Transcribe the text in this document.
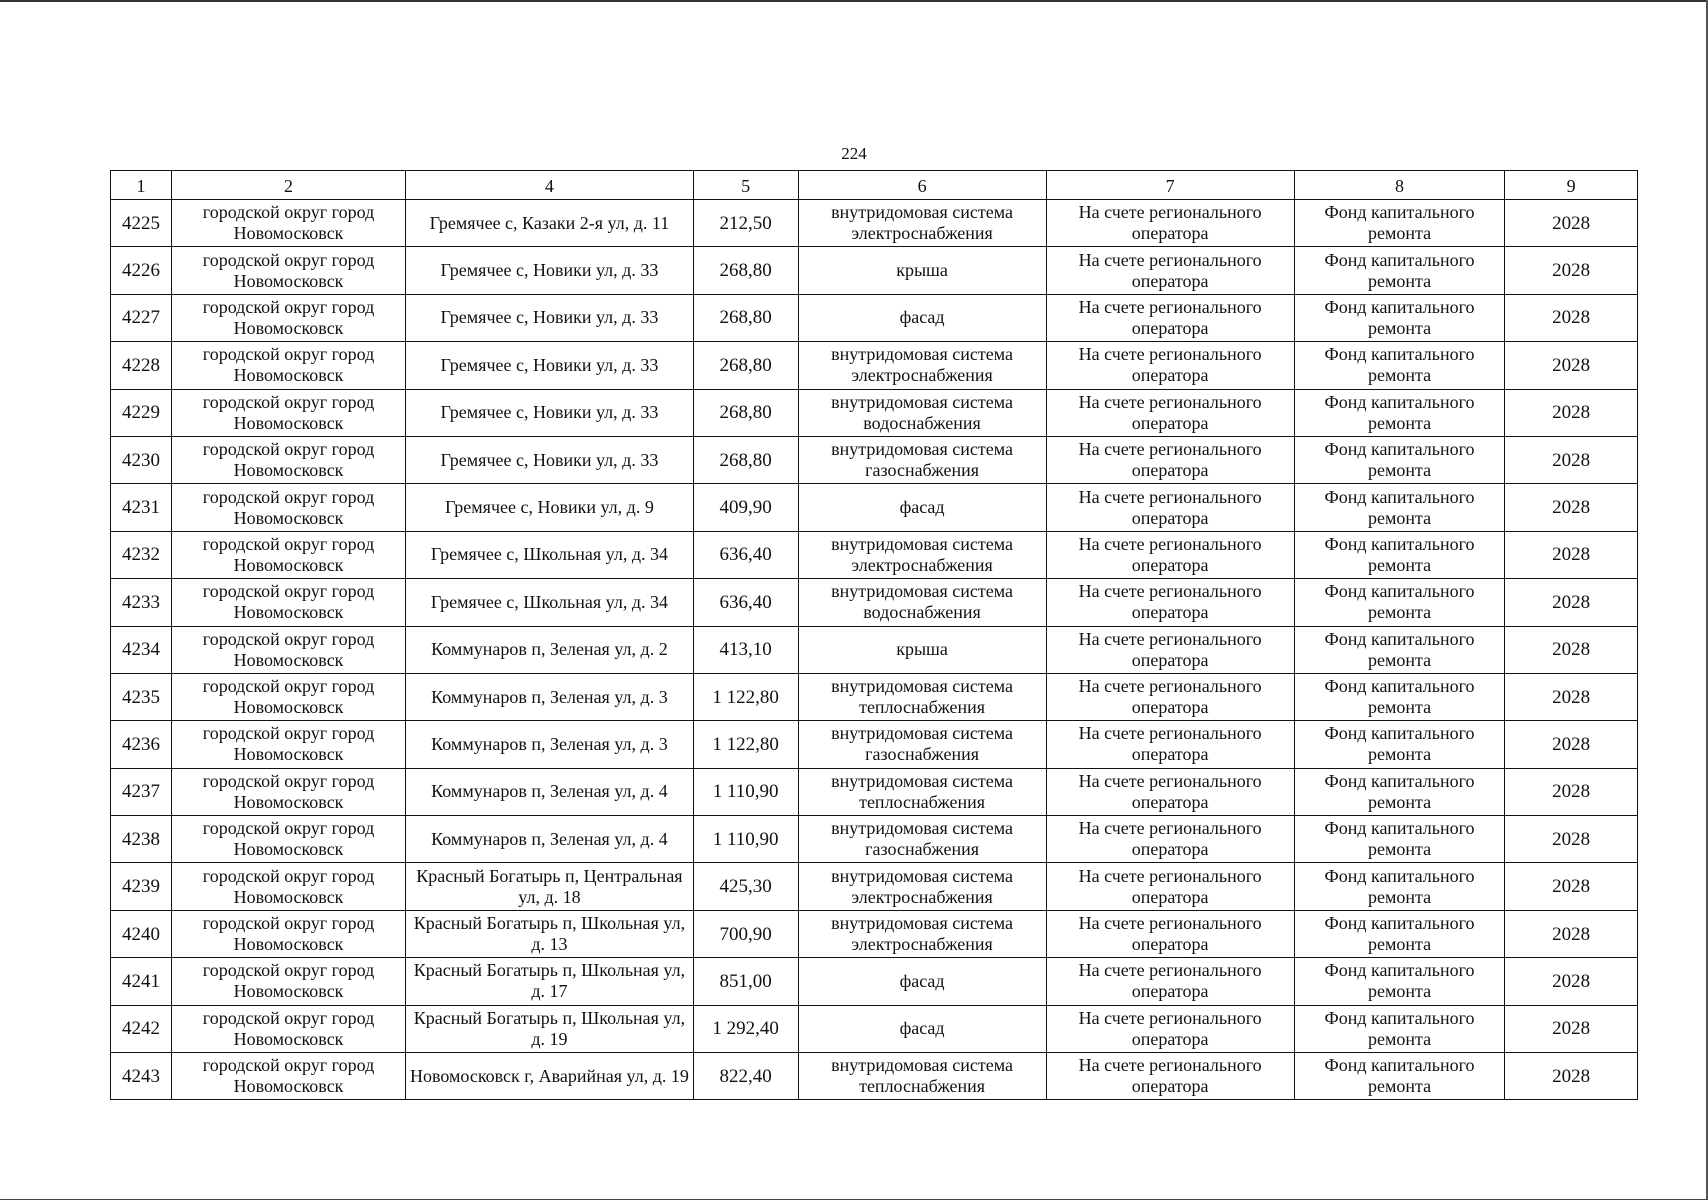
224
1	2	4	5	6	7	8	9
4225	городской округ город Новомосковск	Гремячее с, Казаки 2-я ул, д. 11	212,50	внутридомовая система электроснабжения	На счете регионального оператора	Фонд капитального ремонта	2028
4226	городской округ город Новомосковск	Гремячее с, Новики ул, д. 33	268,80	крыша	На счете регионального оператора	Фонд капитального ремонта	2028
4227	городской округ город Новомосковск	Гремячее с, Новики ул, д. 33	268,80	фасад	На счете регионального оператора	Фонд капитального ремонта	2028
4228	городской округ город Новомосковск	Гремячее с, Новики ул, д. 33	268,80	внутридомовая система электроснабжения	На счете регионального оператора	Фонд капитального ремонта	2028
4229	городской округ город Новомосковск	Гремячее с, Новики ул, д. 33	268,80	внутридомовая система водоснабжения	На счете регионального оператора	Фонд капитального ремонта	2028
4230	городской округ город Новомосковск	Гремячее с, Новики ул, д. 33	268,80	внутридомовая система газоснабжения	На счете регионального оператора	Фонд капитального ремонта	2028
4231	городской округ город Новомосковск	Гремячее с, Новики ул, д. 9	409,90	фасад	На счете регионального оператора	Фонд капитального ремонта	2028
4232	городской округ город Новомосковск	Гремячее с, Школьная ул, д. 34	636,40	внутридомовая система электроснабжения	На счете регионального оператора	Фонд капитального ремонта	2028
4233	городской округ город Новомосковск	Гремячее с, Школьная ул, д. 34	636,40	внутридомовая система водоснабжения	На счете регионального оператора	Фонд капитального ремонта	2028
4234	городской округ город Новомосковск	Коммунаров п, Зеленая ул, д. 2	413,10	крыша	На счете регионального оператора	Фонд капитального ремонта	2028
4235	городской округ город Новомосковск	Коммунаров п, Зеленая ул, д. 3	1 122,80	внутридомовая система теплоснабжения	На счете регионального оператора	Фонд капитального ремонта	2028
4236	городской округ город Новомосковск	Коммунаров п, Зеленая ул, д. 3	1 122,80	внутридомовая система газоснабжения	На счете регионального оператора	Фонд капитального ремонта	2028
4237	городской округ город Новомосковск	Коммунаров п, Зеленая ул, д. 4	1 110,90	внутридомовая система теплоснабжения	На счете регионального оператора	Фонд капитального ремонта	2028
4238	городской округ город Новомосковск	Коммунаров п, Зеленая ул, д. 4	1 110,90	внутридомовая система газоснабжения	На счете регионального оператора	Фонд капитального ремонта	2028
4239	городской округ город Новомосковск	Красный Богатырь п, Центральная ул, д. 18	425,30	внутридомовая система электроснабжения	На счете регионального оператора	Фонд капитального ремонта	2028
4240	городской округ город Новомосковск	Красный Богатырь п, Школьная ул, д. 13	700,90	внутридомовая система электроснабжения	На счете регионального оператора	Фонд капитального ремонта	2028
4241	городской округ город Новомосковск	Красный Богатырь п, Школьная ул, д. 17	851,00	фасад	На счете регионального оператора	Фонд капитального ремонта	2028
4242	городской округ город Новомосковск	Красный Богатырь п, Школьная ул, д. 19	1 292,40	фасад	На счете регионального оператора	Фонд капитального ремонта	2028
4243	городской округ город Новомосковск	Новомосковск г, Аварийная ул, д. 19	822,40	внутридомовая система теплоснабжения	На счете регионального оператора	Фонд капитального ремонта	2028
